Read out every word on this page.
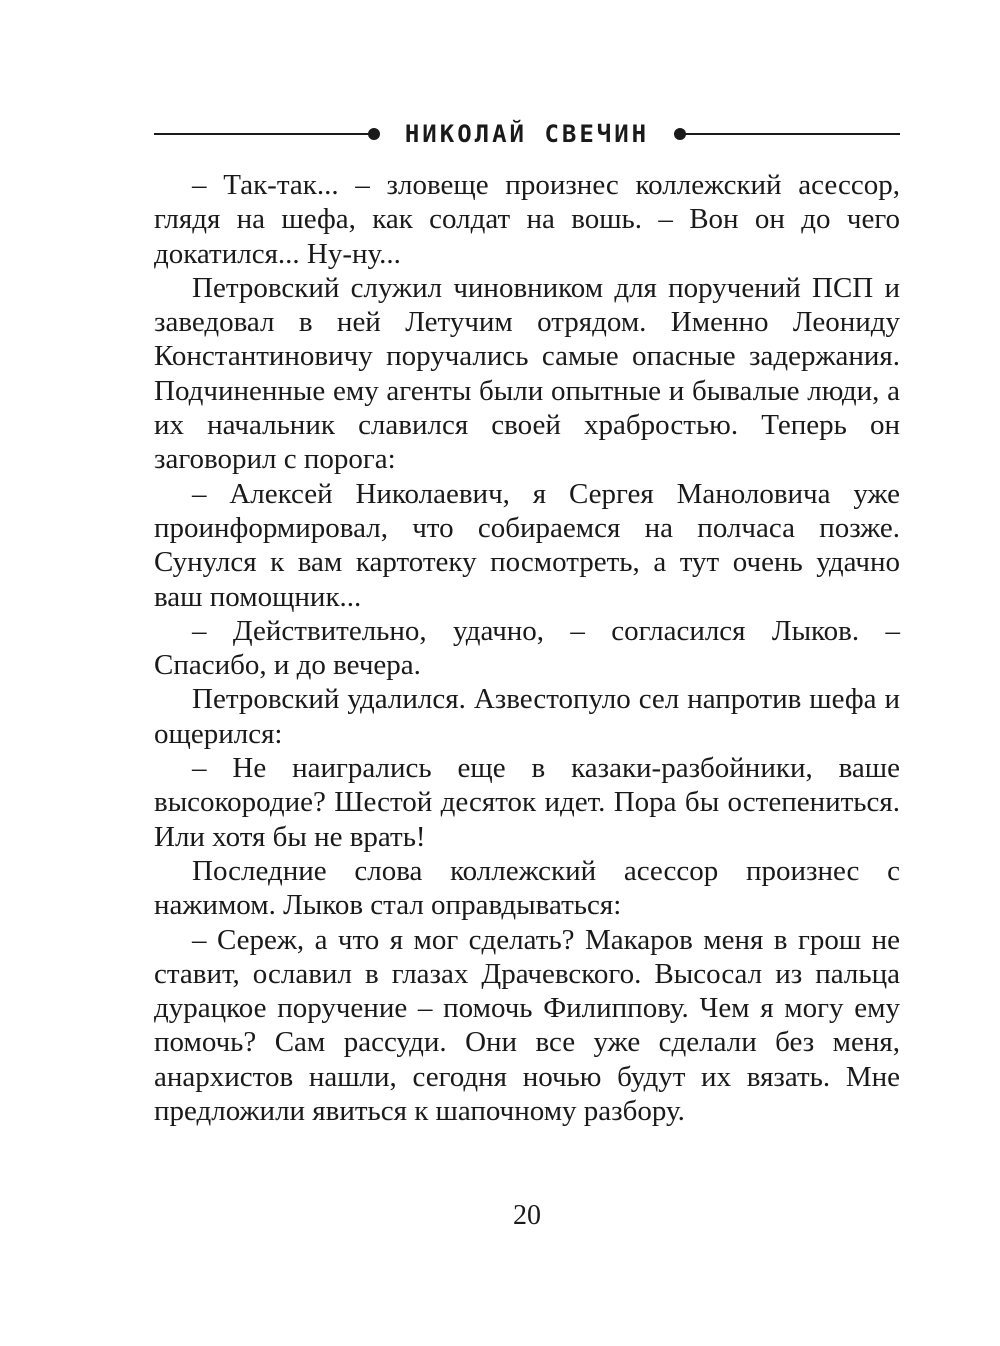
НИКОЛАЙ СВЕЧИН

– Так-так... – зловеще произнес коллежский асессор, глядя на шефа, как солдат на вошь. – Вон он до чего докатился... Ну-ну...

Петровский служил чиновником для поручений ПСП и заведовал в ней Летучим отрядом. Именно Леониду Константиновичу поручались самые опасные задержания. Подчиненные ему агенты были опытные и бывалые люди, а их начальник славился своей храбростью. Теперь он заговорил с порога:

– Алексей Николаевич, я Сергея Маноловича уже проинформировал, что собираемся на полчаса позже. Сунулся к вам картотеку посмотреть, а тут очень удачно ваш помощник...

– Действительно, удачно, – согласился Лыков. – Спасибо, и до вечера.

Петровский удалился. Азвестопуло сел напротив шефа и ощерился:

– Не наигрались еще в казаки-разбойники, ваше высокородие? Шестой десяток идет. Пора бы остепениться. Или хотя бы не врать!

Последние слова коллежский асессор произнес с нажимом. Лыков стал оправдываться:

– Сереж, а что я мог сделать? Макаров меня в грош не ставит, ославил в глазах Драчевского. Высосал из пальца дурацкое поручение – помочь Филиппову. Чем я могу ему помочь? Сам рассуди. Они все уже сделали без меня, анархистов нашли, сегодня ночью будут их вязать. Мне предложили явиться к шапочному разбору.

20
